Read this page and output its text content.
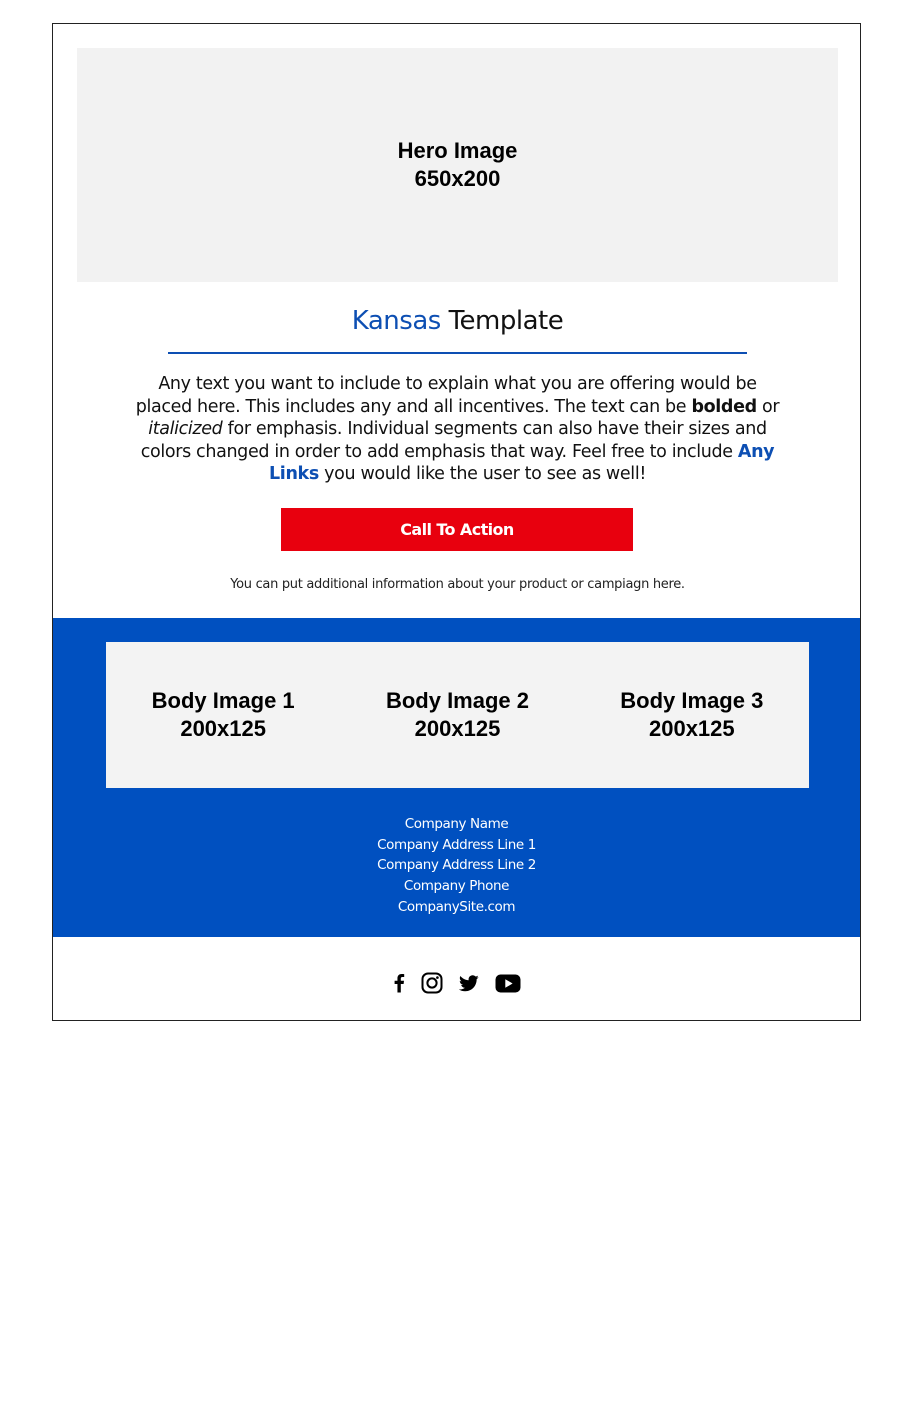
Hero Image
650x200
Kansas Template
Any text you want to include to explain what you are offering would be placed here. This includes any and all incentives. The text can be bolded or italicized for emphasis. Individual segments can also have their sizes and colors changed in order to add emphasis that way. Feel free to include Any Links you would like the user to see as well!
Call To Action
You can put additional information about your product or campiagn here.
Body Image 1
200x125
Body Image 2
200x125
Body Image 3
200x125
Company Name
Company Address Line 1
Company Address Line 2
Company Phone
CompanySite.com
